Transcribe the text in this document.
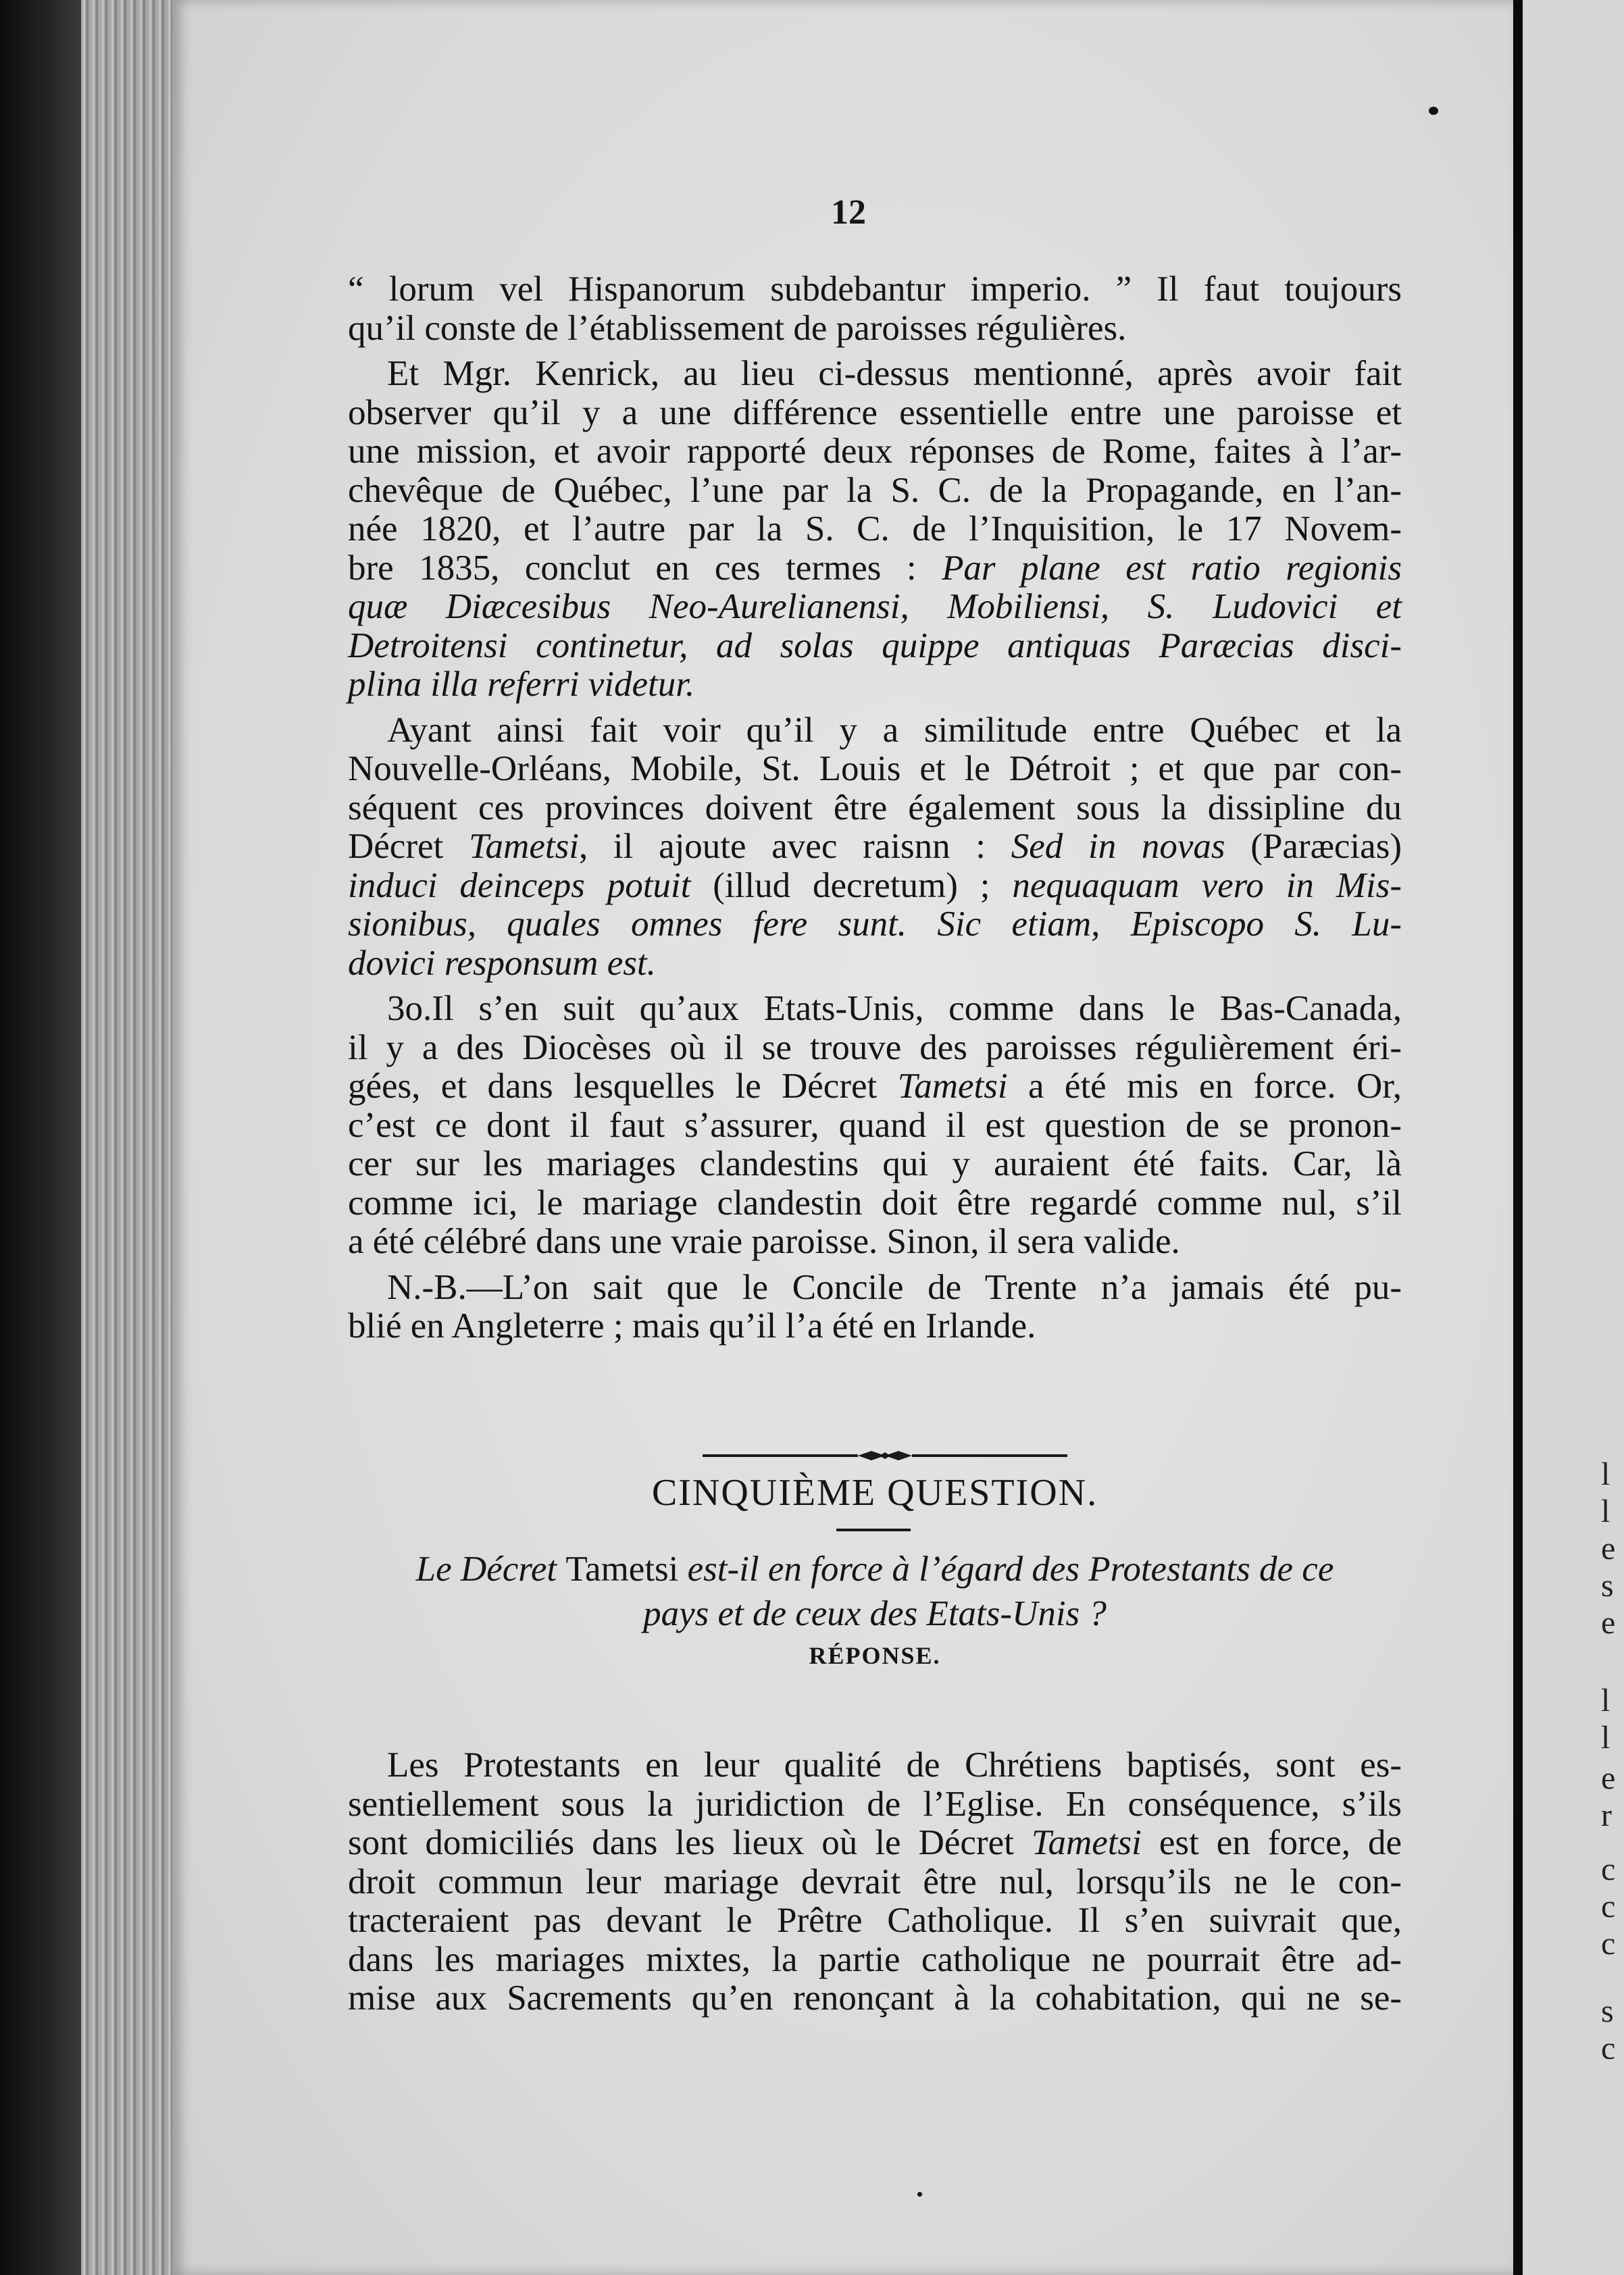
l
l
e
s
e
l
l
e
r
c
c
c
s
c
12
“ lorum vel Hispanorum subdebantur imperio. ” Il faut toujours
qu’il conste de l’établissement de paroisses régulières.
Et Mgr. Kenrick, au lieu ci-dessus mentionné, après avoir fait
observer qu’il y a une différence essentielle entre une paroisse et
une mission, et avoir rapporté deux réponses de Rome, faites à l’ar-
chevêque de Québec, l’une par la S. C. de la Propagande, en l’an-
née 1820, et l’autre par la S. C. de l’Inquisition, le 17 Novem-
bre 1835, conclut en ces termes : Par plane est ratio regionis
quæ Diæcesibus Neo-Aurelianensi, Mobiliensi, S. Ludovici et
Detroitensi continetur, ad solas quippe antiquas Paræcias disci-
plina illa referri videtur.
Ayant ainsi fait voir qu’il y a similitude entre Québec et la
Nouvelle-Orléans, Mobile, St. Louis et le Détroit ; et que par con-
séquent ces provinces doivent être également sous la dissipline du
Décret Tametsi, il ajoute avec raisnn : Sed in novas (Paræcias)
induci deinceps potuit (illud decretum) ; nequaquam vero in Mis-
sionibus, quales omnes fere sunt. Sic etiam, Episcopo S. Lu-
dovici responsum est.
3o.Il s’en suit qu’aux Etats-Unis, comme dans le Bas-Canada,
il y a des Diocèses où il se trouve des paroisses régulièrement éri-
gées, et dans lesquelles le Décret Tametsi a été mis en force. Or,
c’est ce dont il faut s’assurer, quand il est question de se pronon-
cer sur les mariages clandestins qui y auraient été faits. Car, là
comme ici, le mariage clandestin doit être regardé comme nul, s’il
a été célébré dans une vraie paroisse. Sinon, il sera valide.
N.-B.—L’on sait que le Concile de Trente n’a jamais été pu-
blié en Angleterre ; mais qu’il l’a été en Irlande.
CINQUIÈME QUESTION.
Le Décret Tametsi est-il en force à l’égard des Protestants de ce
pays et de ceux des Etats-Unis ?
RÉPONSE.
Les Protestants en leur qualité de Chrétiens baptisés, sont es-
sentiellement sous la juridiction de l’Eglise. En conséquence, s’ils
sont domiciliés dans les lieux où le Décret Tametsi est en force, de
droit commun leur mariage devrait être nul, lorsqu’ils ne le con-
tracteraient pas devant le Prêtre Catholique. Il s’en suivrait que,
dans les mariages mixtes, la partie catholique ne pourrait être ad-
mise aux Sacrements qu’en renonçant à la cohabitation, qui ne se-
